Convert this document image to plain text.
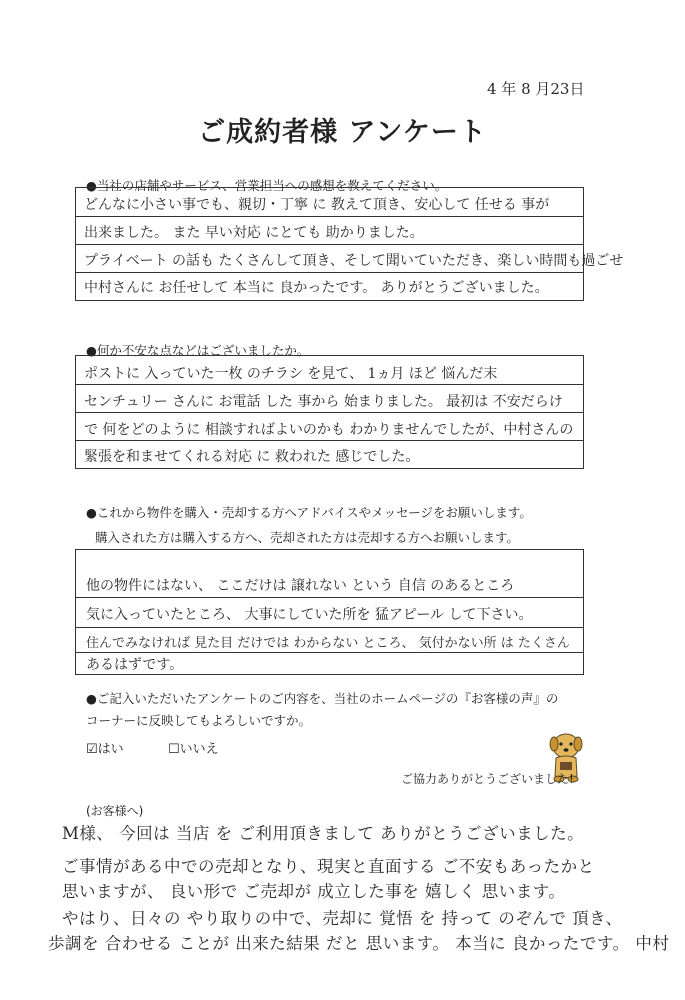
4 年 8 月23日
ご成約者様 アンケート
●当社の店舗やサービス、営業担当への感想を教えてください。
どんなに小さい事でも、親切・丁寧 に 教えて頂き、安心して 任せる 事が
出来ました。 また 早い対応 にとても 助かりました。
プライベート の話も たくさんして頂き、そして聞いていただき、楽しい時間も過ごせ
中村さんに お任せして 本当に 良かったです。 ありがとうございました。
●何か不安な点などはございましたか。
ポストに 入っていた一枚 のチラシ を見て、 1ヵ月 ほど 悩んだ末
センチュリー さんに お電話 した 事から 始まりました。 最初は 不安だらけ
で 何をどのように 相談すればよいのかも わかりませんでしたが、中村さんの
緊張を和ませてくれる対応 に 救われた 感じでした。
●これから物件を購入・売却する方へアドバイスやメッセージをお願いします。
購入された方は購入する方へ、売却された方は売却する方へお願いします。
他の物件にはない、 ここだけは 譲れない という 自信 のあるところ
気に入っていたところ、 大事にしていた所を 猛アピール して下さい。
住んでみなければ 見た目 だけでは わからない ところ、 気付かない所 は たくさん
あるはずです。
●ご記入いただいたアンケートのご内容を、当社のホームページの『お客様の声』の
コーナーに反映してもよろしいですか。
☑はい	☐いいえ
ご協力ありがとうございました!
(お客様へ)
M様、 今回は 当店 を ご利用頂きまして ありがとうございました。
ご事情がある中での売却となり、現実と直面する ご不安もあったかと
思いますが、 良い形で ご売却が 成立した事を 嬉しく 思います。
やはり、日々の やり取りの中で、売却に 覚悟 を 持って のぞんで 頂き、
歩調を 合わせる ことが 出来た結果 だと 思います。 本当に 良かったです。 中村
